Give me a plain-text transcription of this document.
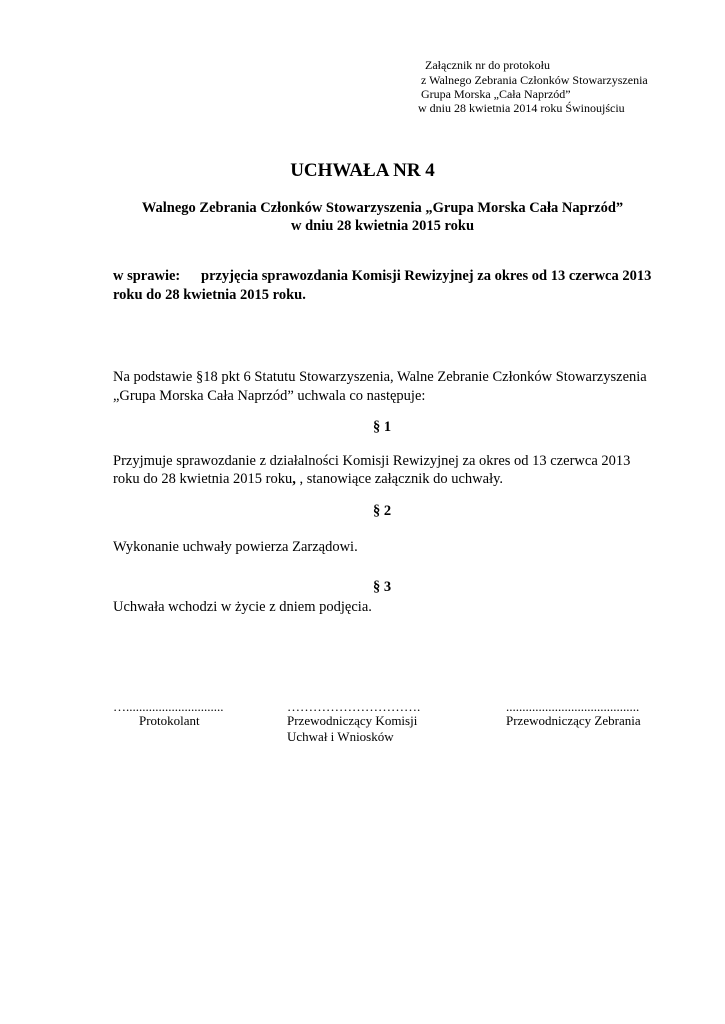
Załącznik nr do protokołu
z Walnego Zebrania Członków Stowarzyszenia
Grupa Morska „Cała Naprzód”
w dniu 28 kwietnia 2014 roku Świnoujściu
UCHWAŁA NR 4
Walnego Zebrania Członków Stowarzyszenia „Grupa Morska Cała Naprzód”
w dniu 28 kwietnia 2015 roku
w sprawie: przyjęcia sprawozdania Komisji Rewizyjnej za okres od 13 czerwca 2013
roku do 28 kwietnia 2015 roku.
Na podstawie §18 pkt 6 Statutu Stowarzyszenia, Walne Zebranie Członków Stowarzyszenia
„Grupa Morska Cała Naprzód” uchwala co następuje:
§ 1
Przyjmuje sprawozdanie z działalności Komisji Rewizyjnej za okres od 13 czerwca 2013
roku do 28 kwietnia 2015 roku, , stanowiące załącznik do uchwały.
§ 2
Wykonanie uchwały powierza Zarządowi.
§ 3
Uchwała wchodzi w życie z dniem podjęcia.
…..............................
Protokolant
………………………….
Przewodniczący Komisji
Uchwał i Wniosków
.........................................
Przewodniczący Zebrania
